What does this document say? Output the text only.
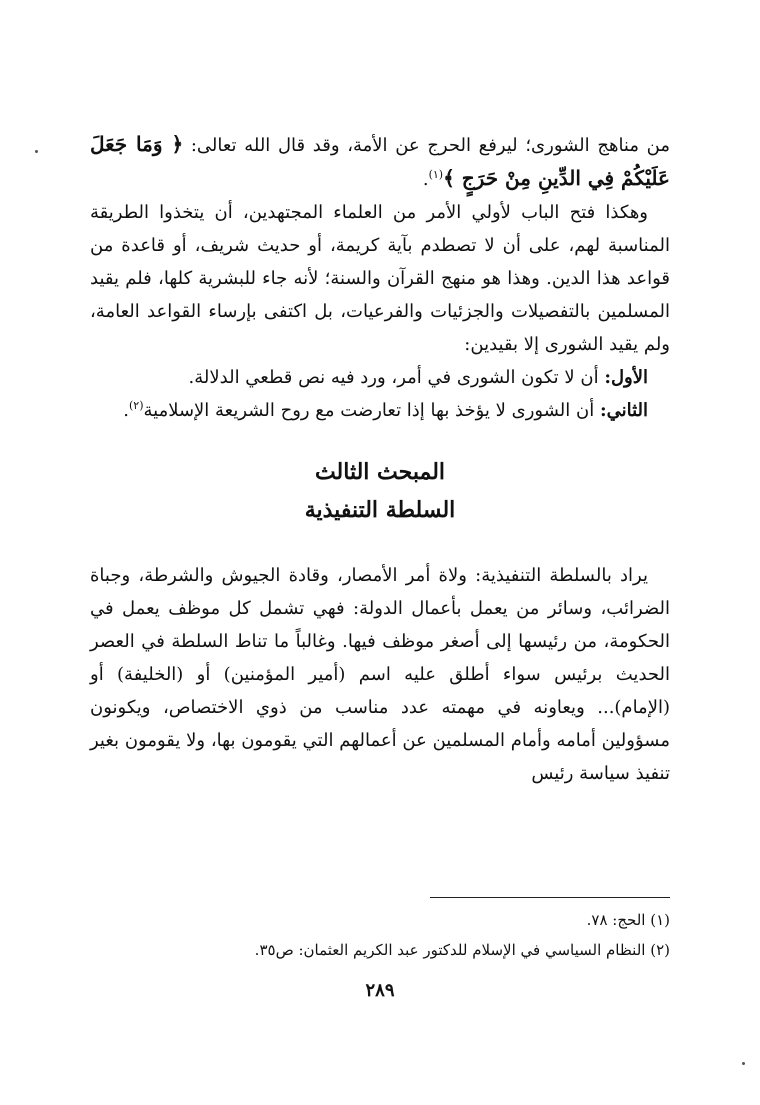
من مناهج الشورى؛ ليرفع الحرج عن الأمة، وقد قال الله تعالى: ﴿ وَمَا جَعَلَ عَلَيْكُمْ فِي الدِّينِ مِنْ حَرَجٍ ﴾$^{(١)}$.

وهكذا فتح الباب لأولي الأمر من العلماء المجتهدين، أن يتخذوا الطريقة المناسبة لهم، على أن لا تصطدم بآية كريمة، أو حديث شريف، أو قاعدة من قواعد هذا الدين. وهذا هو منهج القرآن والسنة؛ لأنه جاء للبشرية كلها، فلم يقيد المسلمين بالتفصيلات والجزئيات والفرعيات، بل اكتفى بإرساء القواعد العامة، ولم يقيد الشورى إلا بقيدين:

الأول: أن لا تكون الشورى في أمر، ورد فيه نص قطعي الدلالة.

الثاني: أن الشورى لا يؤخذ بها إذا تعارضت مع روح الشريعة الإسلامية$^{(٢)}$.

المبحث الثالث

السلطة التنفيذية

يراد بالسلطة التنفيذية: ولاة أمر الأمصار، وقادة الجيوش والشرطة، وجباة الضرائب، وسائر من يعمل بأعمال الدولة: فهي تشمل كل موظف يعمل في الحكومة، من رئيسها إلى أصغر موظف فيها. وغالباً ما تناط السلطة في العصر الحديث برئيس سواء أطلق عليه اسم (أمير المؤمنين) أو (الخليفة) أو (الإمام)... ويعاونه في مهمته عدد مناسب من ذوي الاختصاص، ويكونون مسؤولين أمامه وأمام المسلمين عن أعمالهم التي يقومون بها، ولا يقومون بغير تنفيذ سياسة رئيس

(١) الحج: ٧٨.

(٢) النظام السياسي في الإسلام للدكتور عبد الكريم العثمان: ص٣٥.

٢٨٩
